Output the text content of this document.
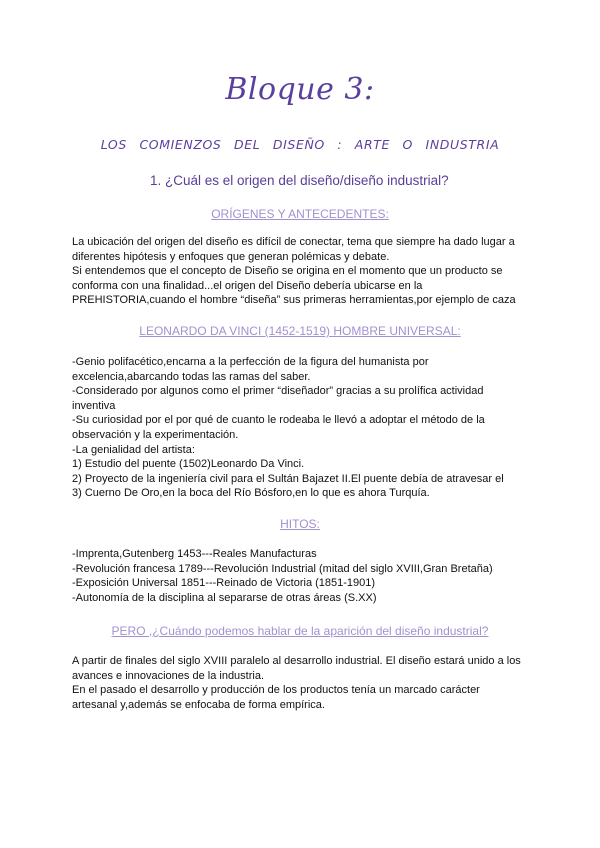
Bloque 3:
LOS COMIENZOS DEL DISEÑO : ARTE O INDUSTRIA
1. ¿Cuál es el origen del diseño/diseño industrial?
ORÍGENES Y ANTECEDENTES:
La ubicación del origen del diseño es difícil de conectar, tema que siempre ha dado lugar a
diferentes hipótesis y enfoques que generan polémicas y debate.
Si entendemos que el concepto de Diseño se origina en el momento que un producto se
conforma con una finalidad...el origen del Diseño debería ubicarse en la
PREHISTORIA,cuando el hombre “diseña” sus primeras herramientas,por ejemplo de caza
LEONARDO DA VINCI (1452-1519) HOMBRE UNIVERSAL:
-Genio polifacético,encarna a la perfección de la figura del humanista por
excelencia,abarcando todas las ramas del saber.
-Considerado por algunos como el primer “diseñador” gracias a su prolífica actividad
inventiva
-Su curiosidad por el por qué de cuanto le rodeaba le llevó a adoptar el método de la
observación y la experimentación.
-La genialidad del artista:
1) Estudio del puente (1502)Leonardo Da Vinci.
2) Proyecto de la ingeniería civil para el Sultán Bajazet II.El puente debía de atravesar el
3) Cuerno De Oro,en la boca del Río Bósforo,en lo que es ahora Turquía.
HITOS:
-Imprenta,Gutenberg 1453---Reales Manufacturas
-Revolución francesa 1789---Revolución Industrial (mitad del siglo XVIII,Gran Bretaña)
-Exposición Universal 1851---Reinado de Victoria (1851-1901)
-Autonomía de la disciplina al separarse de otras áreas (S.XX)
PERO ,¿Cuándo podemos hablar de la aparición del diseño industrial?
A partir de finales del siglo XVIII paralelo al desarrollo industrial. El diseño estará unido a los
avances e innovaciones de la industria.
En el pasado el desarrollo y producción de los productos tenía un marcado carácter
artesanal y,además se enfocaba de forma empírica.
